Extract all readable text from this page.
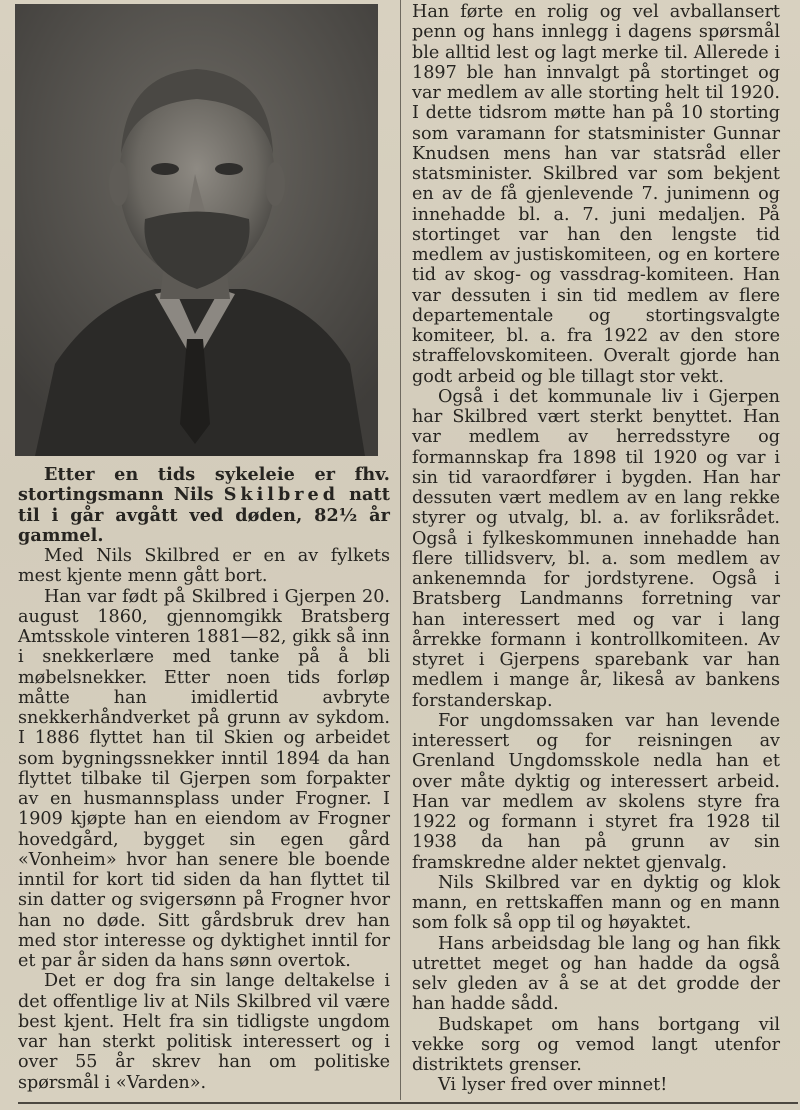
Etter en tids sykeleie er fhv. stortingsmann Nils Skilbred natt til i går avgått ved døden, 82½ år gammel.

Med Nils Skilbred er en av fylkets mest kjente menn gått bort.

Han var født på Skilbred i Gjerpen 20. august 1860, gjennomgikk Bratsberg Amtsskole vinteren 1881—82, gikk så inn i snekkerlære med tanke på å bli møbelsnekker. Etter noen tids forløp måtte han imidlertid avbryte snekkerhåndverket på grunn av sykdom. I 1886 flyttet han til Skien og arbeidet som bygningssnekker inntil 1894 da han flyttet tilbake til Gjerpen som forpakter av en husmannsplass under Frogner. I 1909 kjøpte han en eiendom av Frogner hovedgård, bygget sin egen gård «Vonheim» hvor han senere ble boende inntil for kort tid siden da han flyttet til sin datter og svigersønn på Frogner hvor han no døde. Sitt gårdsbruk drev han med stor interesse og dyktighet inntil for et par år siden da hans sønn overtok.

Det er dog fra sin lange deltakelse i det offentlige liv at Nils Skilbred vil være best kjent. Helt fra sin tidligste ungdom var han sterkt politisk interessert og i over 55 år skrev han om politiske spørsmål i «Varden».

Han førte en rolig og vel avballansert penn og hans innlegg i dagens spørsmål ble alltid lest og lagt merke til. Allerede i 1897 ble han innvalgt på stortinget og var medlem av alle storting helt til 1920. I dette tidsrom møtte han på 10 storting som varamann for statsminister Gunnar Knudsen mens han var statsråd eller statsminister. Skilbred var som bekjent en av de få gjenlevende 7. junimenn og innehadde bl. a. 7. juni medaljen. På stortinget var han den lengste tid medlem av justiskomiteen, og en kortere tid av skog- og vassdrag-komiteen. Han var dessuten i sin tid medlem av flere departementale og stortingsvalgte komiteer, bl. a. fra 1922 av den store straffelovskomiteen. Overalt gjorde han godt arbeid og ble tillagt stor vekt.

Også i det kommunale liv i Gjerpen har Skilbred vært sterkt benyttet. Han var medlem av herredsstyre og formannskap fra 1898 til 1920 og var i sin tid varaordfører i bygden. Han har dessuten vært medlem av en lang rekke styrer og utvalg, bl. a. av forliksrådet. Også i fylkeskommunen innehadde han flere tillidsverv, bl. a. som medlem av ankenemnda for jordstyrene. Også i Bratsberg Landmanns forretning var han interessert med og var i lang årrekke formann i kontrollkomiteen. Av styret i Gjerpens sparebank var han medlem i mange år, likeså av bankens forstanderskap.

For ungdomssaken var han levende interessert og for reisningen av Grenland Ungdomsskole nedla han et over måte dyktig og interessert arbeid. Han var medlem av skolens styre fra 1922 og formann i styret fra 1928 til 1938 da han på grunn av sin framskredne alder nektet gjenvalg.

Nils Skilbred var en dyktig og klok mann, en rettskaffen mann og en mann som folk så opp til og høyaktet.

Hans arbeidsdag ble lang og han fikk utrettet meget og han hadde da også selv gleden av å se at det grodde der han hadde sådd.

Budskapet om hans bortgang vil vekke sorg og vemod langt utenfor distriktets grenser.

Vi lyser fred over minnet!
